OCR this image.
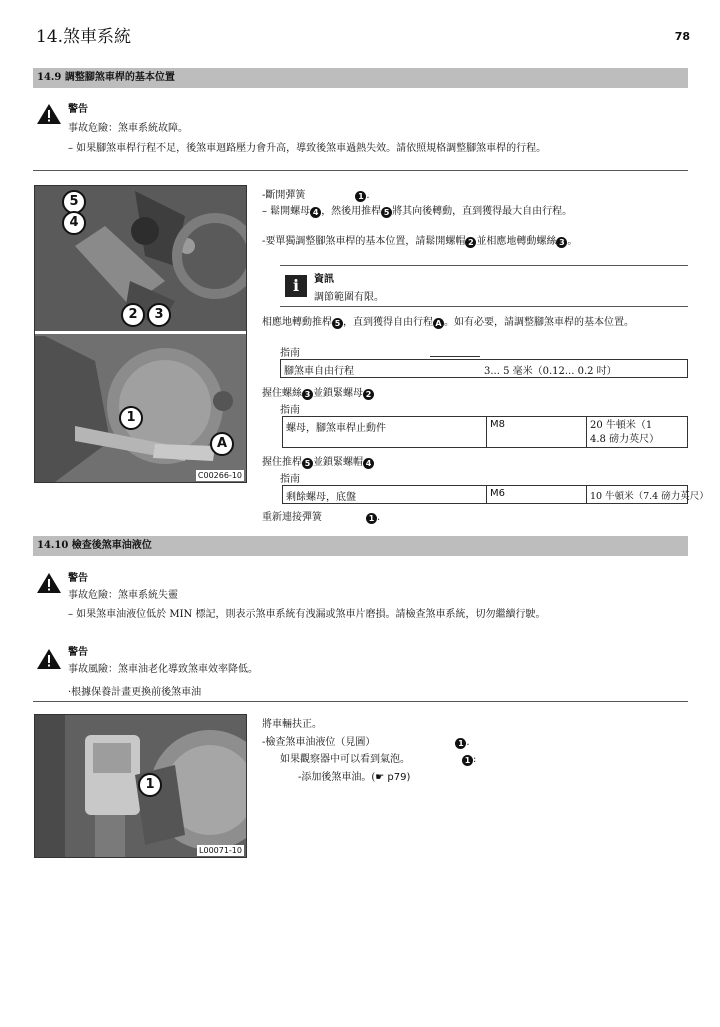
14.煞車系統	78
14.9 調整腳煞車桿的基本位置
警告
事故危險：煞車系統故障。
– 如果腳煞車桿行程不足，後煞車迴路壓力會升高，導致後煞車過熱失效。請依照規格調整腳煞車桿的行程。
5
4
2	3
1
A
C00266-10
-斷開彈簧	1 .
– 鬆開螺母 4 ，然後用推桿 5 將其向後轉動，直到獲得最大自由行程。
-要單獨調整腳煞車桿的基本位置，請鬆開螺帽 2 並相應地轉動螺絲 3 。
i	資訊
調節範圍有限。
相應地轉動推桿 5 ，直到獲得自由行程 A 。如有必要，請調整腳煞車桿的基本位置。
指南
腳煞車自由行程	3... 5 毫米（0.12... 0.2 吋）
握住螺絲 3 並鎖緊螺母 2
指南
螺母，腳煞車桿止動件	M8	20 牛頓米（1
4.8 磅力英尺）
握住推桿 5 並鎖緊螺帽 4
指南
剩餘螺母，底盤	M6	10 牛頓米（7.4 磅力英尺）
重新連接彈簧	1 .
14.10 檢查後煞車油液位
警告
事故危險：煞車系統失靈
– 如果煞車油液位低於 MIN 標記，則表示煞車系統有洩漏或煞車片磨損。請檢查煞車系統，切勿繼續行駛。
警告
事故風險：煞車油老化導致煞車效率降低。
·根據保養計畫更換前後煞車油
1
L00071-10
將車輛扶正。
-檢查煞車油液位（見圖）	1 .
如果觀察器中可以看到氣泡。	1 :
-添加後煞車油。(☛ p79)
